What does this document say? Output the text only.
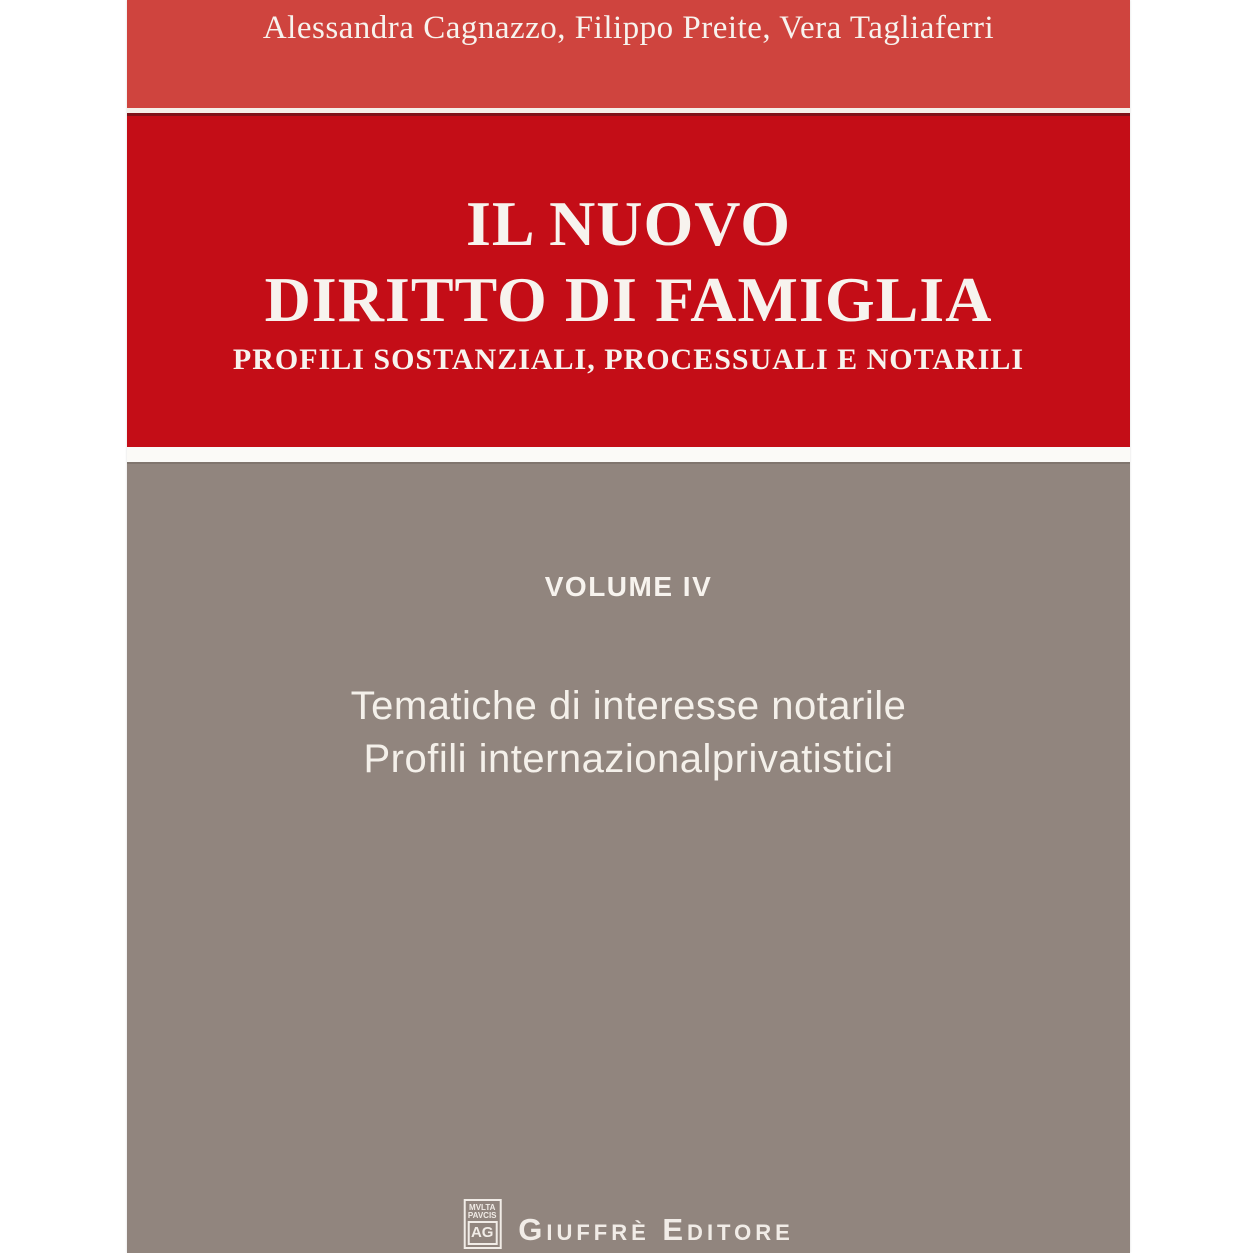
Alessandra Cagnazzo, Filippo Preite, Vera Tagliaferri
IL NUOVO
DIRITTO DI FAMIGLIA
PROFILI SOSTANZIALI, PROCESSUALI E NOTARILI
VOLUME IV
Tematiche di interesse notarile
Profili internazionalprivatistici
MVLTA
PAVCIS
AG Giuffrè Editore
